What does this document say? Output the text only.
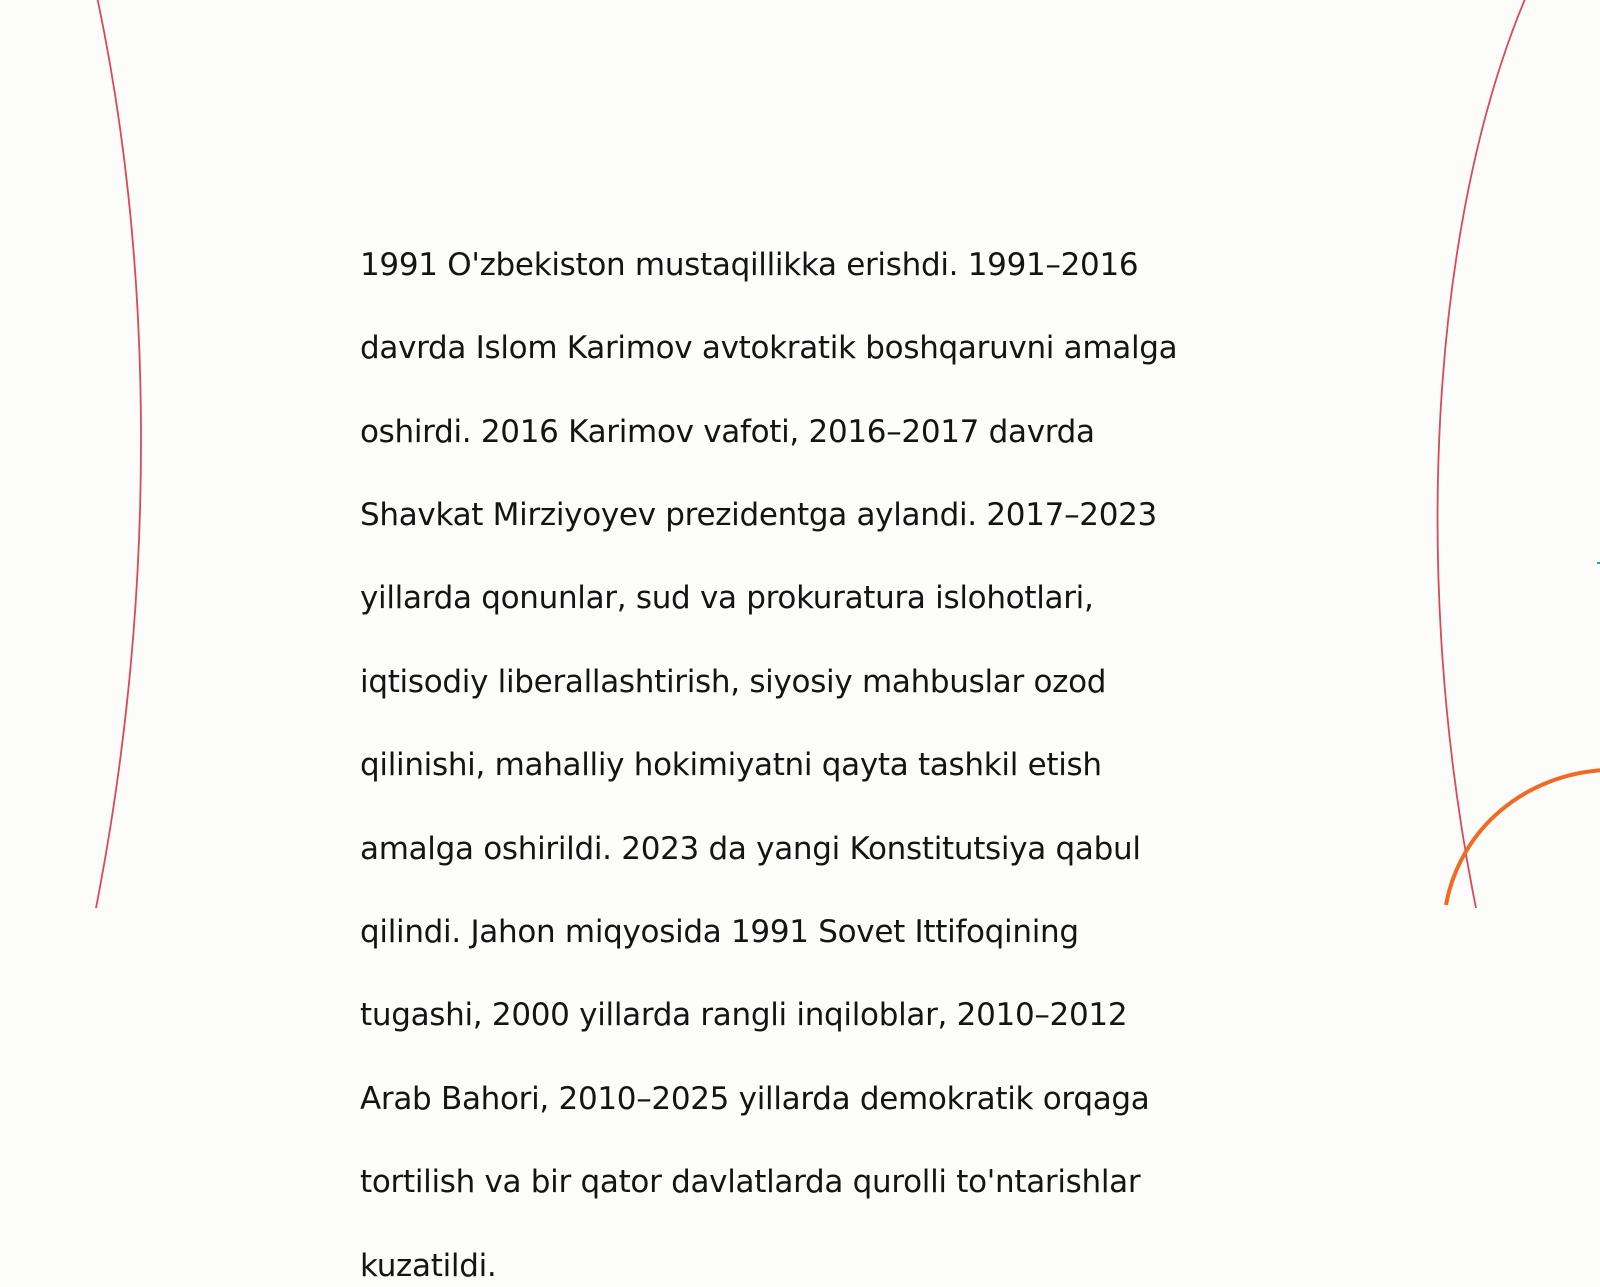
1991 O'zbekiston mustaqillikka erishdi. 1991–2016

davrda Islom Karimov avtokratik boshqaruvni amalga

oshirdi. 2016 Karimov vafoti, 2016–2017 davrda

Shavkat Mirziyoyev prezidentga aylandi. 2017–2023

yillarda qonunlar, sud va prokuratura islohotlari,

iqtisodiy liberallashtirish, siyosiy mahbuslar ozod

qilinishi, mahalliy hokimiyatni qayta tashkil etish

amalga oshirildi. 2023 da yangi Konstitutsiya qabul

qilindi. Jahon miqyosida 1991 Sovet Ittifoqining

tugashi, 2000 yillarda rangli inqiloblar, 2010–2012

Arab Bahori, 2010–2025 yillarda demokratik orqaga

tortilish va bir qator davlatlarda qurolli to'ntarishlar

kuzatildi.
